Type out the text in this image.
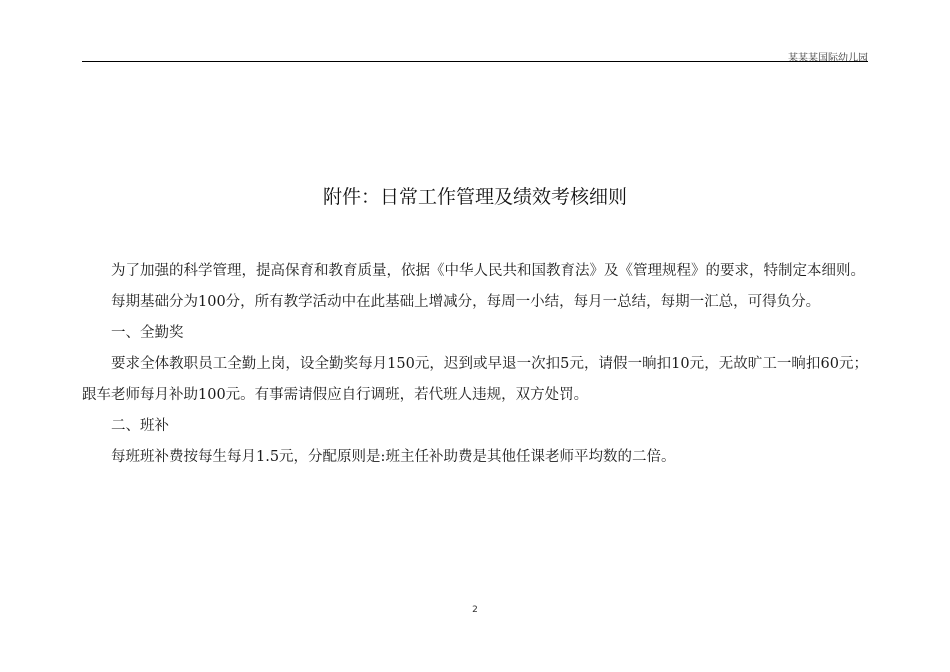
某某某国际幼儿园
附件：日常工作管理及绩效考核细则

为了加强的科学管理，提高保育和教育质量，依据《中华人民共和国教育法》及《管理规程》的要求，特制定本细则。

每期基础分为100分，所有教学活动中在此基础上增减分，每周一小结，每月一总结，每期一汇总，可得负分。

一、全勤奖

要求全体教职员工全勤上岗，设全勤奖每月150元，迟到或早退一次扣5元，请假一晌扣10元，无故旷工一晌扣60元；跟车老师每月补助100元。有事需请假应自行调班，若代班人违规，双方处罚。

二、班补

每班班补费按每生每月1.5元，分配原则是:班主任补助费是其他任课老师平均数的二倍。

2
